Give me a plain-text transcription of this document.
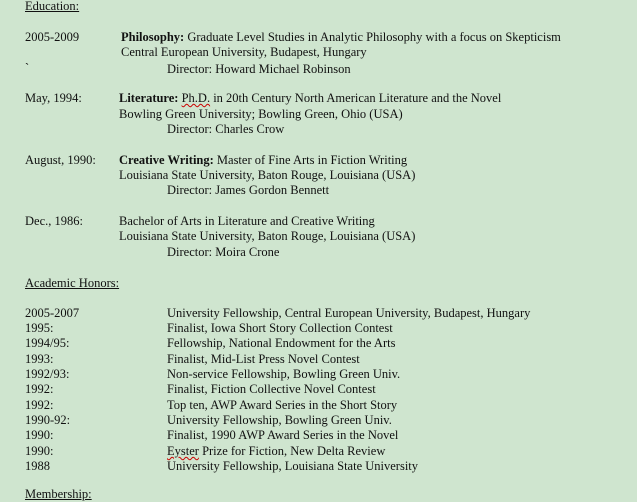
Education:
2005-2009	Philosophy: Graduate Level Studies in Analytic Philosophy with a focus on Skepticism
Central European University, Budapest, Hungary
`	Director: Howard Michael Robinson
May, 1994:	Literature: Ph.D. in 20th Century North American Literature and the Novel
Bowling Green University; Bowling Green, Ohio (USA)
Director: Charles Crow
August, 1990: Creative Writing: Master of Fine Arts in Fiction Writing
Louisiana State University, Baton Rouge, Louisiana (USA)
Director: James Gordon Bennett
Dec., 1986:	Bachelor of Arts in Literature and Creative Writing
Louisiana State University, Baton Rouge, Louisiana (USA)
Director: Moira Crone
Academic Honors:
2005-2007	University Fellowship, Central European University, Budapest, Hungary
1995:	Finalist, Iowa Short Story Collection Contest
1994/95:	Fellowship, National Endowment for the Arts
1993:	Finalist, Mid-List Press Novel Contest
1992/93:	Non-service Fellowship, Bowling Green Univ.
1992:	Finalist, Fiction Collective Novel Contest
1992:	Top ten, AWP Award Series in the Short Story
1990-92:	University Fellowship, Bowling Green Univ.
1990:	Finalist, 1990 AWP Award Series in the Novel
1990:	Eyster Prize for Fiction, New Delta Review
1988	University Fellowship, Louisiana State University
Membership:
